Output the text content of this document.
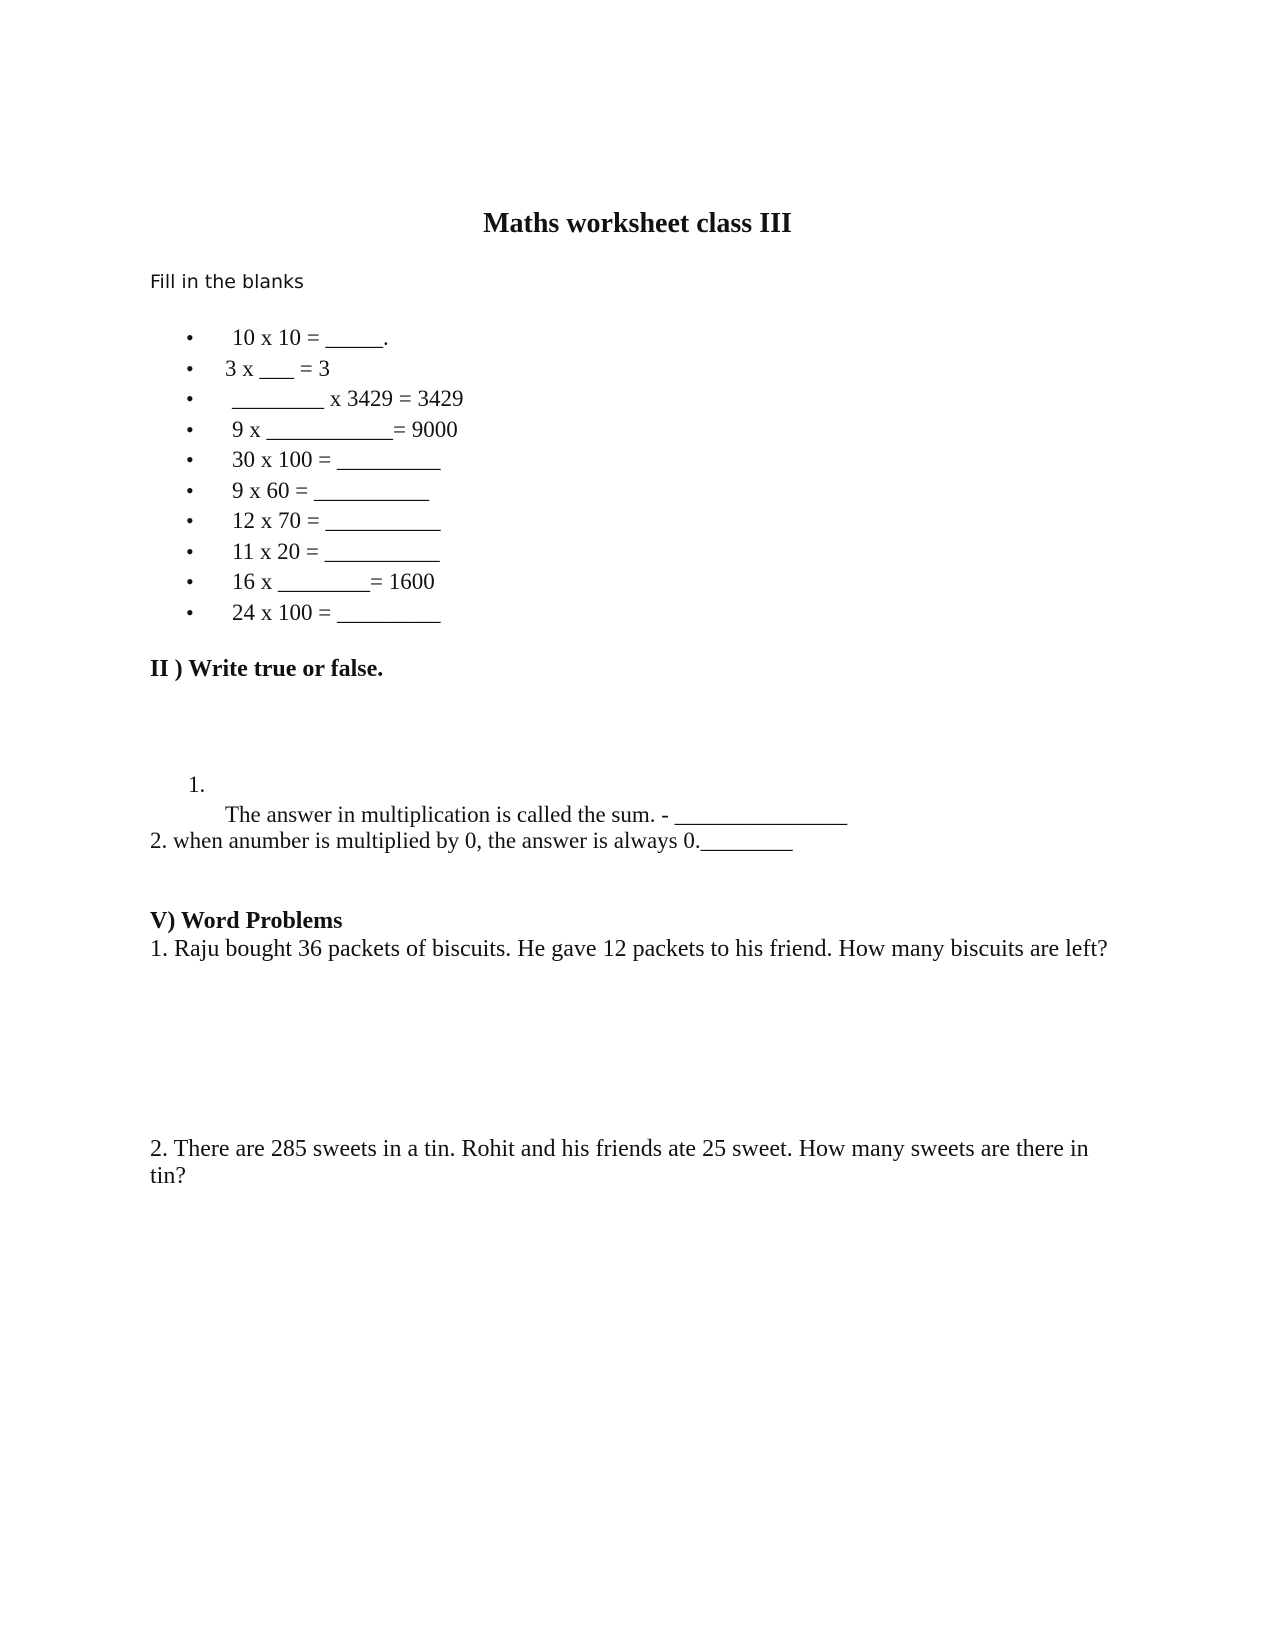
Maths worksheet class III
Fill in the blanks

•

10 x 10 = _____.

•

3 x ___ = 3

•

________ x 3429 = 3429

•

9 x ___________= 9000

•

30 x 100 = _________

•

9 x 60 = __________

•

12 x 70 = __________

•

11 x 20 = __________

•

16 x ________= 1600

•

24 x 100 = _________

II ) Write true or false.

1.

The answer in multiplication is called the sum. - _______________

2. when anumber is multiplied by 0, the answer is always 0.________
V) Word Problems
1. Raju bought 36 packets of biscuits. He gave 12 packets to his friend. How many biscuits are left?
2. There are 285 sweets in a tin. Rohit and his friends ate 25 sweet. How many sweets are there in tin?
